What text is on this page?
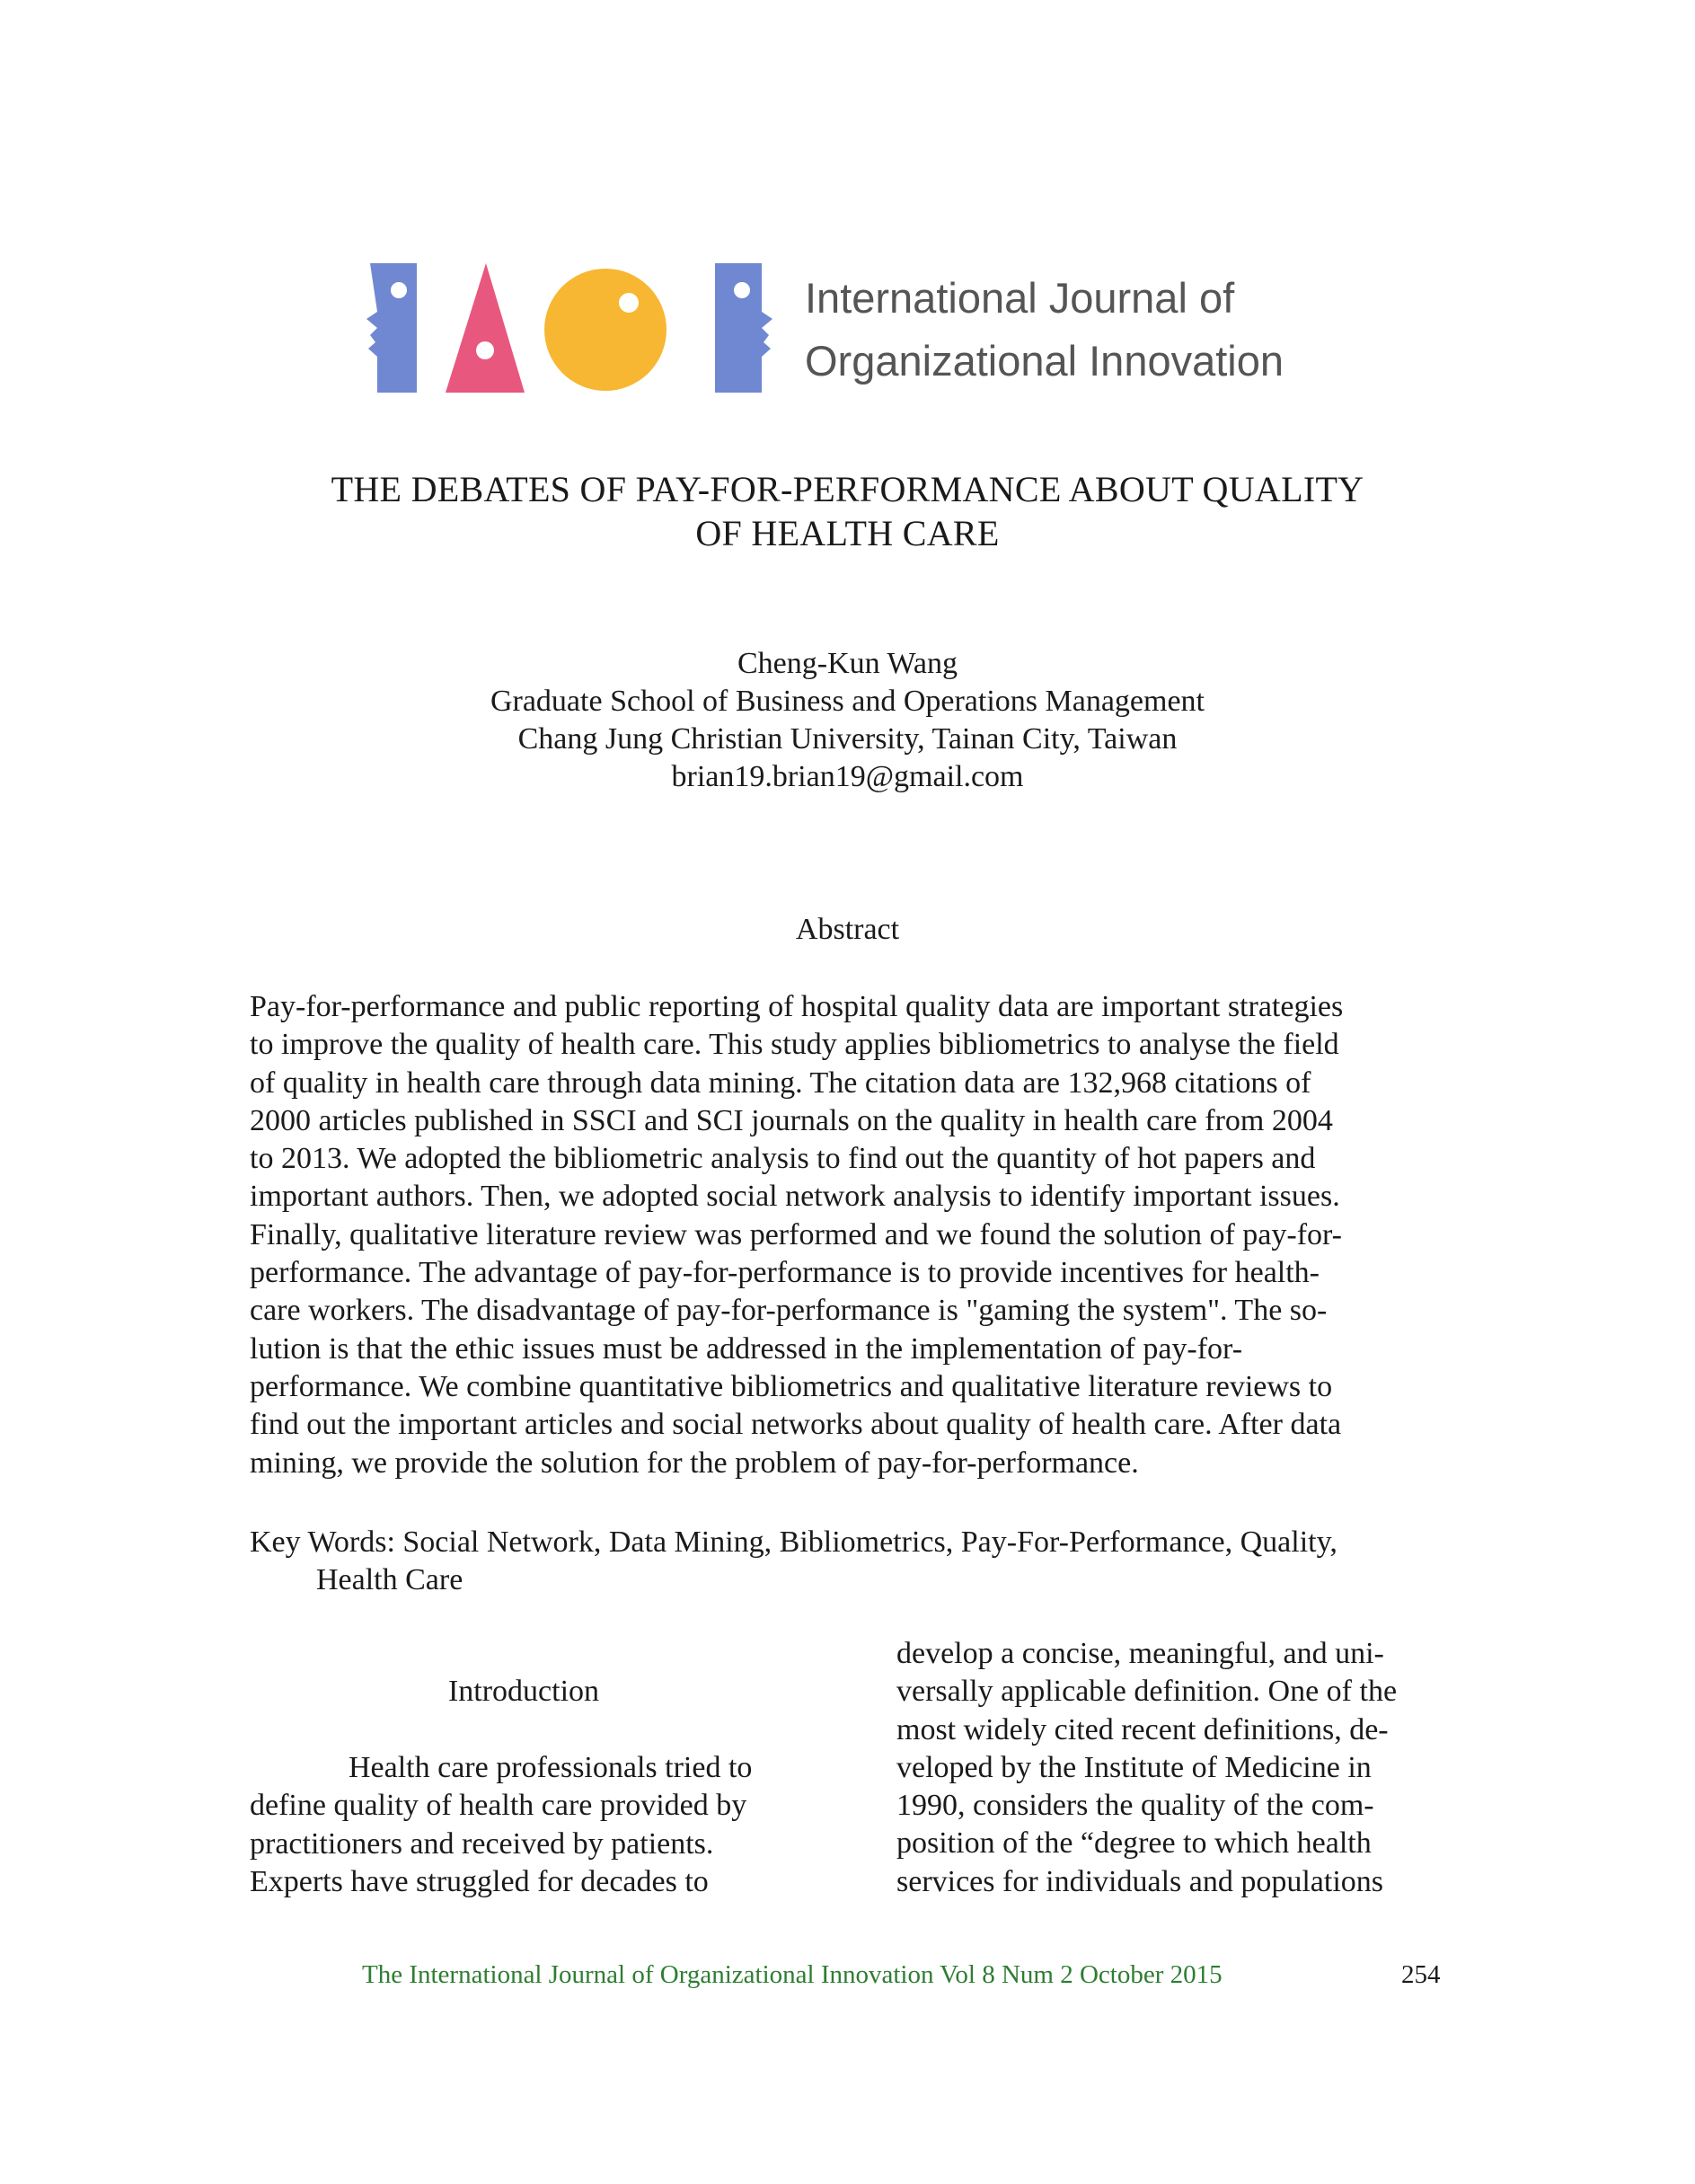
International Journal of
Organizational Innovation
THE DEBATES OF PAY-FOR-PERFORMANCE ABOUT QUALITY
OF HEALTH CARE
Cheng-Kun Wang
Graduate School of Business and Operations Management
Chang Jung Christian University, Tainan City, Taiwan
brian19.brian19@gmail.com
Abstract
Pay-for-performance and public reporting of hospital quality data are important strategies
to improve the quality of health care. This study applies bibliometrics to analyse the field
of quality in health care through data mining. The citation data are 132,968 citations of
2000 articles published in SSCI and SCI journals on the quality in health care from 2004
to 2013. We adopted the bibliometric analysis to find out the quantity of hot papers and
important authors. Then, we adopted social network analysis to identify important issues.
Finally, qualitative literature review was performed and we found the solution of pay-for-
performance. The advantage of pay-for-performance is to provide incentives for health-
care workers. The disadvantage of pay-for-performance is "gaming the system". The so-
lution is that the ethic issues must be addressed in the implementation of pay-for-
performance. We combine quantitative bibliometrics and qualitative literature reviews to
find out the important articles and social networks about quality of health care. After data
mining, we provide the solution for the problem of pay-for-performance.
Key Words: Social Network, Data Mining, Bibliometrics, Pay-For-Performance, Quality,
Health Care
Introduction
Health care professionals tried to
define quality of health care provided by
practitioners and received by patients.
Experts have struggled for decades to
develop a concise, meaningful, and uni-
versally applicable definition. One of the
most widely cited recent definitions, de-
veloped by the Institute of Medicine in
1990, considers the quality of the com-
position of the “degree to which health
services for individuals and populations
The International Journal of Organizational Innovation Vol 8 Num 2 October 2015	254
